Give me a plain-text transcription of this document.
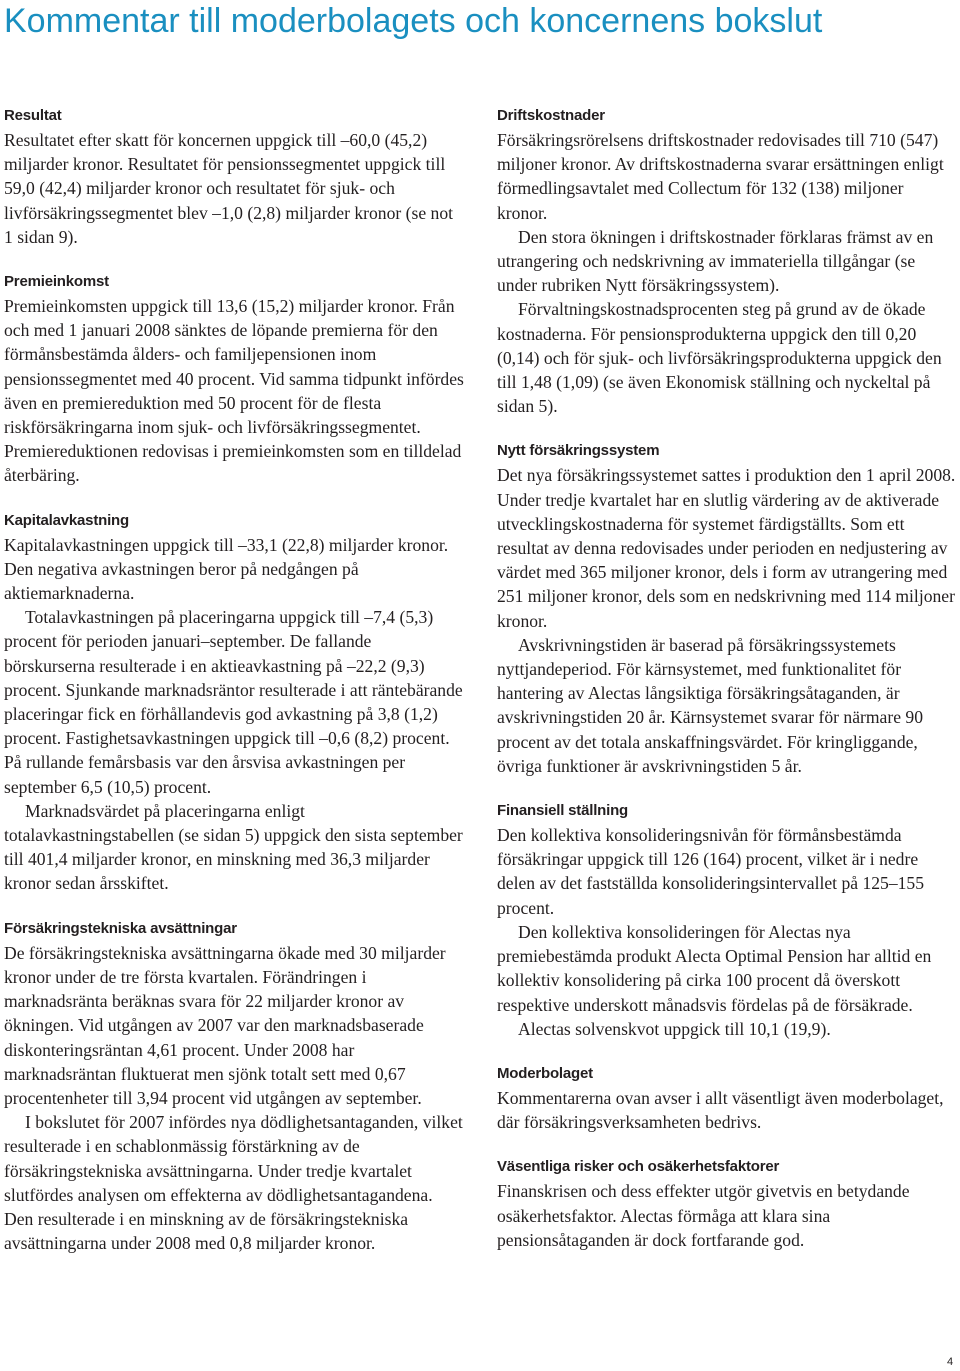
Kommentar till moderbolagets och koncernens bokslut
Resultat

Resultatet efter skatt för koncernen uppgick till –60,0 (45,2) miljarder kronor. Resultatet för pensionssegmentet uppgick till 59,0 (42,4) miljarder kronor och resultatet för sjuk- och livförsäkringssegmentet blev –1,0 (2,8) miljarder kronor (se not 1 sidan 9).

Premieinkomst

Premieinkomsten uppgick till 13,6 (15,2) miljarder kronor. Från och med 1 januari 2008 sänktes de löpande premierna för den förmånsbestämda ålders- och familjepensionen inom pensionssegmentet med 40 procent. Vid samma tidpunkt infördes även en premiereduktion med 50 procent för de flesta riskförsäkringarna inom sjuk- och livförsäkringssegmentet. Premiereduktionen redovisas i premieinkomsten som en tilldelad återbäring.

Kapitalavkastning

Kapitalavkastningen uppgick till –33,1 (22,8) miljarder kronor. Den negativa avkastningen beror på nedgången på aktiemarknaderna.

Totalavkastningen på placeringarna uppgick till –7,4 (5,3) procent för perioden januari–september. De fallande börskurserna resulterade i en aktieavkastning på –22,2 (9,3) procent. Sjunkande marknadsräntor resulterade i att räntebärande placeringar fick en förhållandevis god avkastning på 3,8 (1,2) procent. Fastighetsavkastningen uppgick till –0,6 (8,2) procent. På rullande femårsbasis var den årsvisa avkastningen per september 6,5 (10,5) procent.

Marknadsvärdet på placeringarna enligt totalavkastningstabellen (se sidan 5) uppgick den sista september till 401,4 miljarder kronor, en minskning med 36,3 miljarder kronor sedan årsskiftet.

Försäkringstekniska avsättningar

De försäkringstekniska avsättningarna ökade med 30 miljarder kronor under de tre första kvartalen. Förändringen i marknadsränta beräknas svara för 22 miljarder kronor av ökningen. Vid utgången av 2007 var den marknadsbaserade diskonteringsräntan 4,61 procent. Under 2008 har marknadsräntan fluktuerat men sjönk totalt sett med 0,67 procentenheter till 3,94 procent vid utgången av september.

I bokslutet för 2007 infördes nya dödlighetsantaganden, vilket resulterade i en schablonmässig förstärkning av de försäkringstekniska avsättningarna. Under tredje kvartalet slutfördes analysen om effekterna av dödlighetsantagandena. Den resulterade i en minskning av de försäkringstekniska avsättningarna under 2008 med 0,8 miljarder kronor.

Driftskostnader

Försäkringsrörelsens driftskostnader redovisades till 710 (547) miljoner kronor. Av driftskostnaderna svarar ersättningen enligt förmedlingsavtalet med Collectum för 132 (138) miljoner kronor.

Den stora ökningen i driftskostnader förklaras främst av en utrangering och nedskrivning av immateriella tillgångar (se under rubriken Nytt försäkringssystem).

Förvaltningskostnadsprocenten steg på grund av de ökade kostnaderna. För pensionsprodukterna uppgick den till 0,20 (0,14) och för sjuk- och livförsäkringsprodukterna uppgick den till 1,48 (1,09) (se även Ekonomisk ställning och nyckeltal på sidan 5).

Nytt försäkringssystem

Det nya försäkringssystemet sattes i produktion den 1 april 2008. Under tredje kvartalet har en slutlig värdering av de aktiverade utvecklingskostnaderna för systemet färdigställts. Som ett resultat av denna redovisades under perioden en nedjustering av värdet med 365 miljoner kronor, dels i form av utrangering med 251 miljoner kronor, dels som en nedskrivning med 114 miljoner kronor.

Avskrivningstiden är baserad på försäkringssystemets nyttjandeperiod. För kärnsystemet, med funktionalitet för hantering av Alectas långsiktiga försäkringsåtaganden, är avskrivningstiden 20 år. Kärnsystemet svarar för närmare 90 procent av det totala anskaffningsvärdet. För kringliggande, övriga funktioner är avskrivningstiden 5 år.

Finansiell ställning

Den kollektiva konsolideringsnivån för förmånsbestämda försäkringar uppgick till 126 (164) procent, vilket är i nedre delen av det fastställda konsolideringsintervallet på 125–155 procent.

Den kollektiva konsolideringen för Alectas nya premiebestämda produkt Alecta Optimal Pension har alltid en kollektiv konsolidering på cirka 100 procent då överskott respektive underskott månadsvis fördelas på de försäkrade.

Alectas solvenskvot uppgick till 10,1 (19,9).

Moderbolaget

Kommentarerna ovan avser i allt väsentligt även moderbolaget, där försäkringsverksamheten bedrivs.

Väsentliga risker och osäkerhetsfaktorer

Finanskrisen och dess effekter utgör givetvis en betydande osäkerhetsfaktor. Alectas förmåga att klara sina pensionsåtaganden är dock fortfarande god.

4
